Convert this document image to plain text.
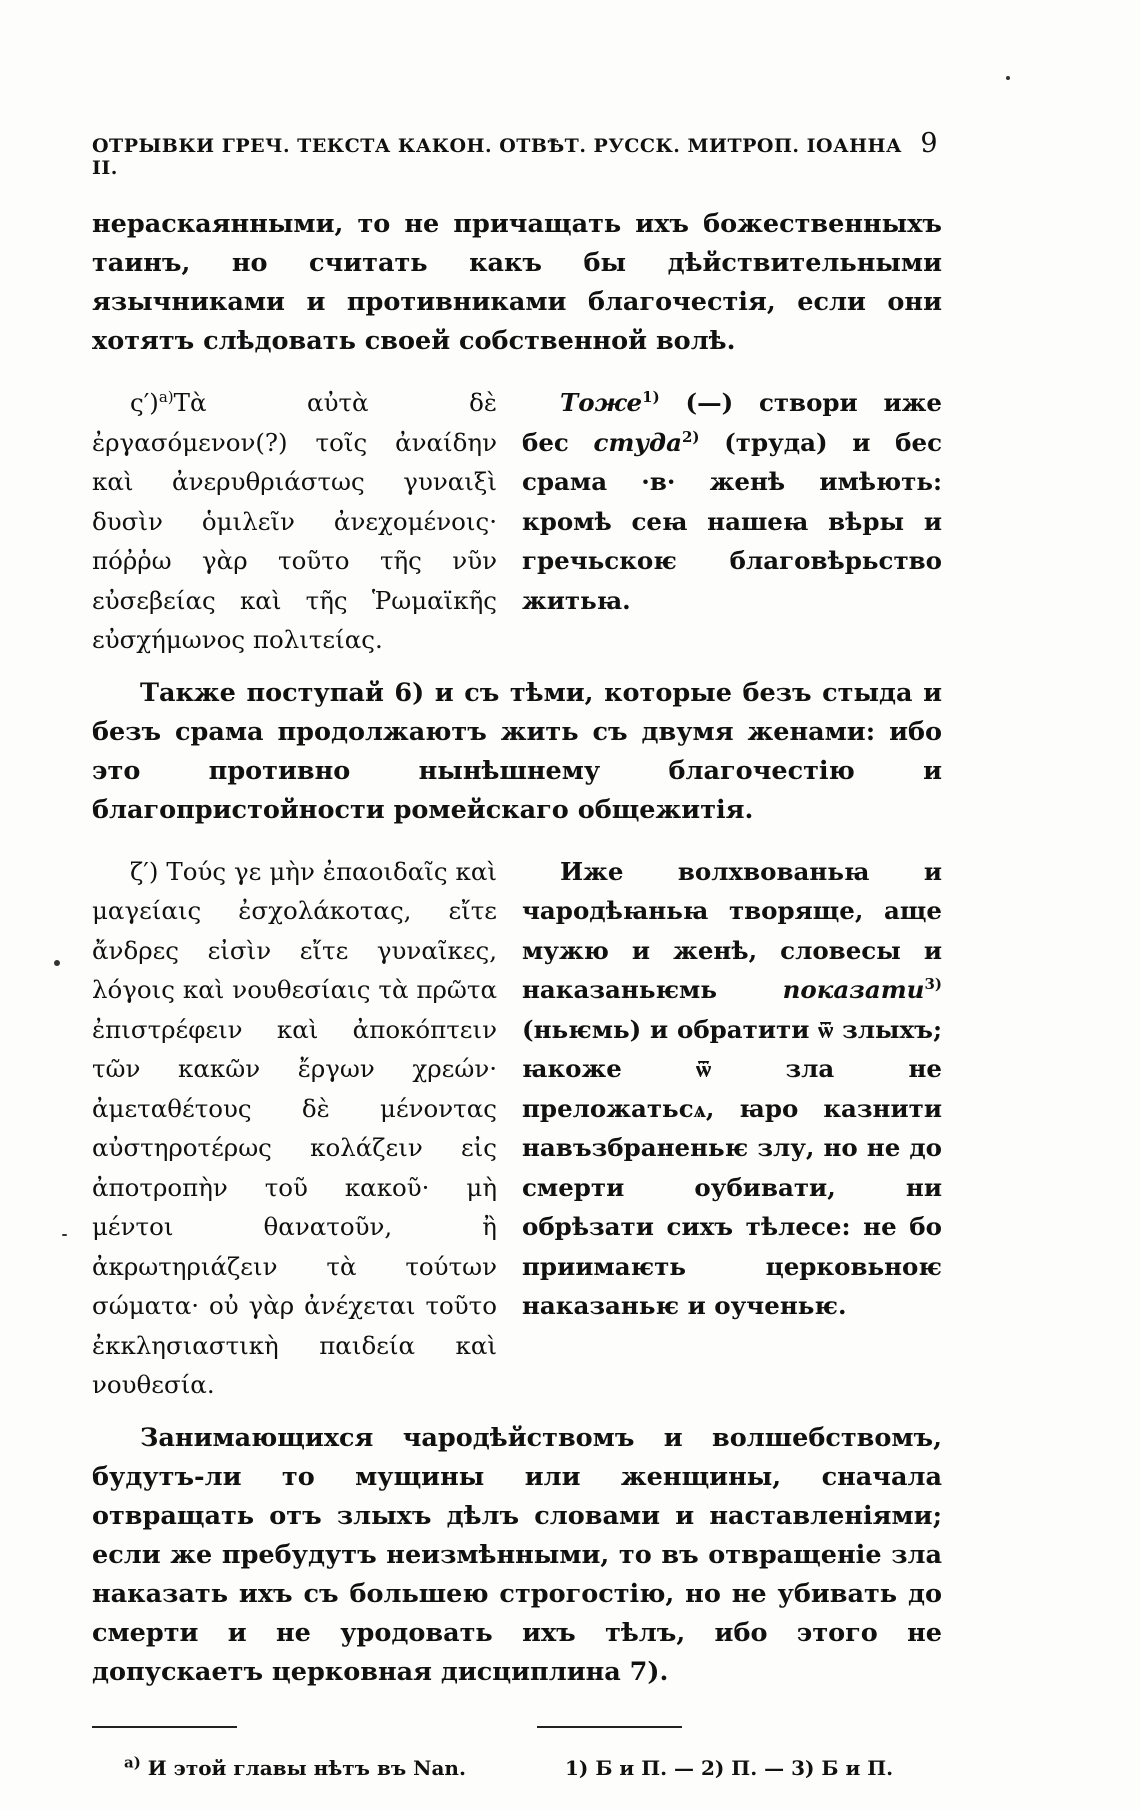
ОТРЫВКИ ГРЕЧ. ТЕКСТА КАКОН. ОТВѢТ. РУССК. МИТРОП. IОАННА II.
9

нераскаянными, то не причащать ихъ божественныхъ таинъ, но считать какъ бы дѣйствительными язычниками и противниками благочестія, если они хотятъ слѣдовать своей собственной волѣ.

ς′)$^{a)}$Τὰ αὐτὰ δὲ ἐργασόμενον(?) τοῖς ἀναίδην καὶ ἀνερυθριάστως γυναιξὶ δυσὶν ὁμιλεῖν ἀνεχομένοις· πόῤῥω γὰρ τοῦτο τῆς νῦν εὐσεβείας καὶ τῆς Ῥωμαϊκῆς εὐσχήμωνος πολιτείας.
Тоже$^{1)}$ (—) створи иже бес студа$^{2)}$ (труда) и бес срама ·в· женѣ имѣють: кромѣ сеꙗ нашеꙗ вѣры и гречьскоѥ благовѣрьство житьꙗ.

Также поступай 6) и съ тѣми, которые безъ стыда и безъ срама продолжаютъ жить съ двумя женами: ибо это противно нынѣшнему благочестію и благопристойности ромейскаго общежитія.

ζ′) Τούς γε μὴν ἐπαοιδαῖς καὶ μαγείαις ἐσχολάκοτας, εἴτε ἄνδρες εἰσὶν εἴτε γυναῖκες, λόγοις καὶ νουθεσίαις τὰ πρῶτα ἐπιστρέφειν καὶ ἀποκόπτειν τῶν κακῶν ἔργων χρεών· ἀμεταθέτους δὲ μένοντας αὐστηροτέρως κολάζειν εἰς ἀποτροπὴν τοῦ κακοῦ· μὴ μέντοι θανατοῦν, ἢ ἀκρωτηριάζειν τὰ τούτων σώματα· οὐ γὰρ ἀνέχεται τοῦτο ἐκκλησιαστικὴ παιδεία καὶ νουθεσία.
Иже волхвованьꙗ и чародѣꙗньꙗ творяще, аще мужю и женѣ, словесы и наказаньѥмь показати$^{3)}$ (ньѥмь) и обратити ѿ злыхъ; ꙗкоже ѿ зла не преложатьсѧ, ꙗро казнити навъзбраненьѥ злу, но не до смерти оубивати, ни обрѣзати сихъ тѣлесе: не бо приимаѥть церковьноѥ наказаньѥ и оученьѥ.

Занимающихся чародѣйствомъ и волшебствомъ, будутъ-ли то мущины или женщины, сначала отвращать отъ злыхъ дѣлъ словами и наставленіями; если же пребудутъ неизмѣнными, то въ отвращеніе зла наказать ихъ съ большею строгостію, но не убивать до смерти и не уродовать ихъ тѣлъ, ибо этого не допускаетъ церковная дисциплина 7).

$^{a)}$ И этой главы нѣтъ въ Nan.	1) Б и П. — 2) П. — 3) Б и П.
